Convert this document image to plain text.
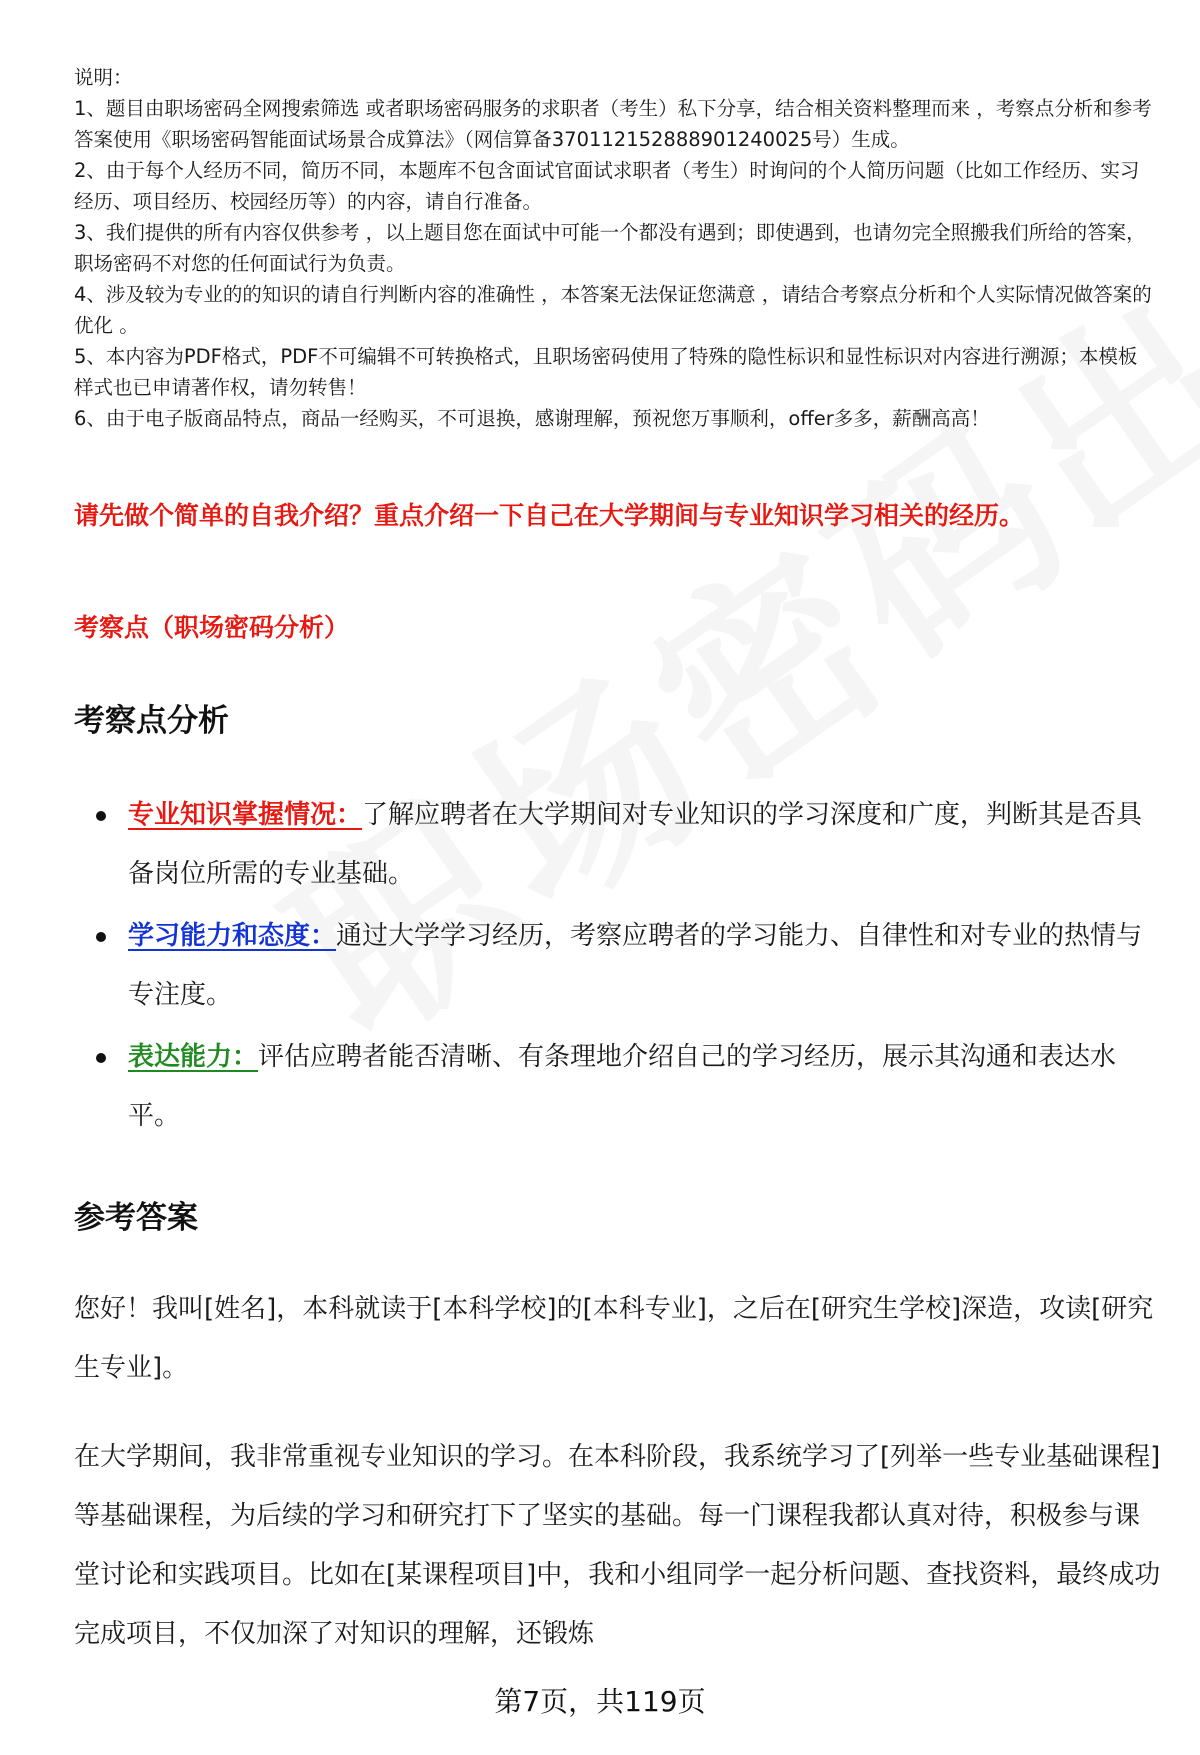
说明：

1、题目由职场密码全网搜索筛选 或者职场密码服务的求职者（考生）私下分享，结合相关资料整理而来 ，考察点分析和参考答案使用《职场密码智能面试场景合成算法》（网信算备370112152888901240025号）生成。

2、由于每个人经历不同，简历不同，本题库不包含面试官面试求职者（考生）时询问的个人简历问题（比如工作经历、实习经历、项目经历、校园经历等）的内容，请自行准备。

3、我们提供的所有内容仅供参考 ，以上题目您在面试中可能一个都没有遇到；即使遇到，也请勿完全照搬我们所给的答案，职场密码不对您的任何面试行为负责。

4、涉及较为专业的的知识的请自行判断内容的准确性 ，本答案无法保证您满意 ，请结合考察点分析和个人实际情况做答案的优化 。

5、本内容为PDF格式，PDF不可编辑不可转换格式，且职场密码使用了特殊的隐性标识和显性标识对内容进行溯源；本模板样式也已申请著作权，请勿转售！

6、由于电子版商品特点，商品一经购买，不可退换，感谢理解，预祝您万事顺利，offer多多，薪酬高高！

请先做个简单的自我介绍？重点介绍一下自己在大学期间与专业知识学习相关的经历。
考察点（职场密码分析）
考察点分析
专业知识掌握情况：了解应聘者在大学期间对专业知识的学习深度和广度，判断其是否具备岗位所需的专业基础。
学习能力和态度：通过大学学习经历，考察应聘者的学习能力、自律性和对专业的热情与专注度。
表达能力：评估应聘者能否清晰、有条理地介绍自己的学习经历，展示其沟通和表达水平。
参考答案

您好！我叫[姓名]，本科就读于[本科学校]的[本科专业]，之后在[研究生学校]深造，攻读[研究生专业]。

在大学期间，我非常重视专业知识的学习。在本科阶段，我系统学习了[列举一些专业基础课程]等基础课程，为后续的学习和研究打下了坚实的基础。每一门课程我都认真对待，积极参与课堂讨论和实践项目。比如在[某课程项目]中，我和小组同学一起分析问题、查找资料，最终成功完成项目，不仅加深了对知识的理解，还锻炼

第7页，共119页
